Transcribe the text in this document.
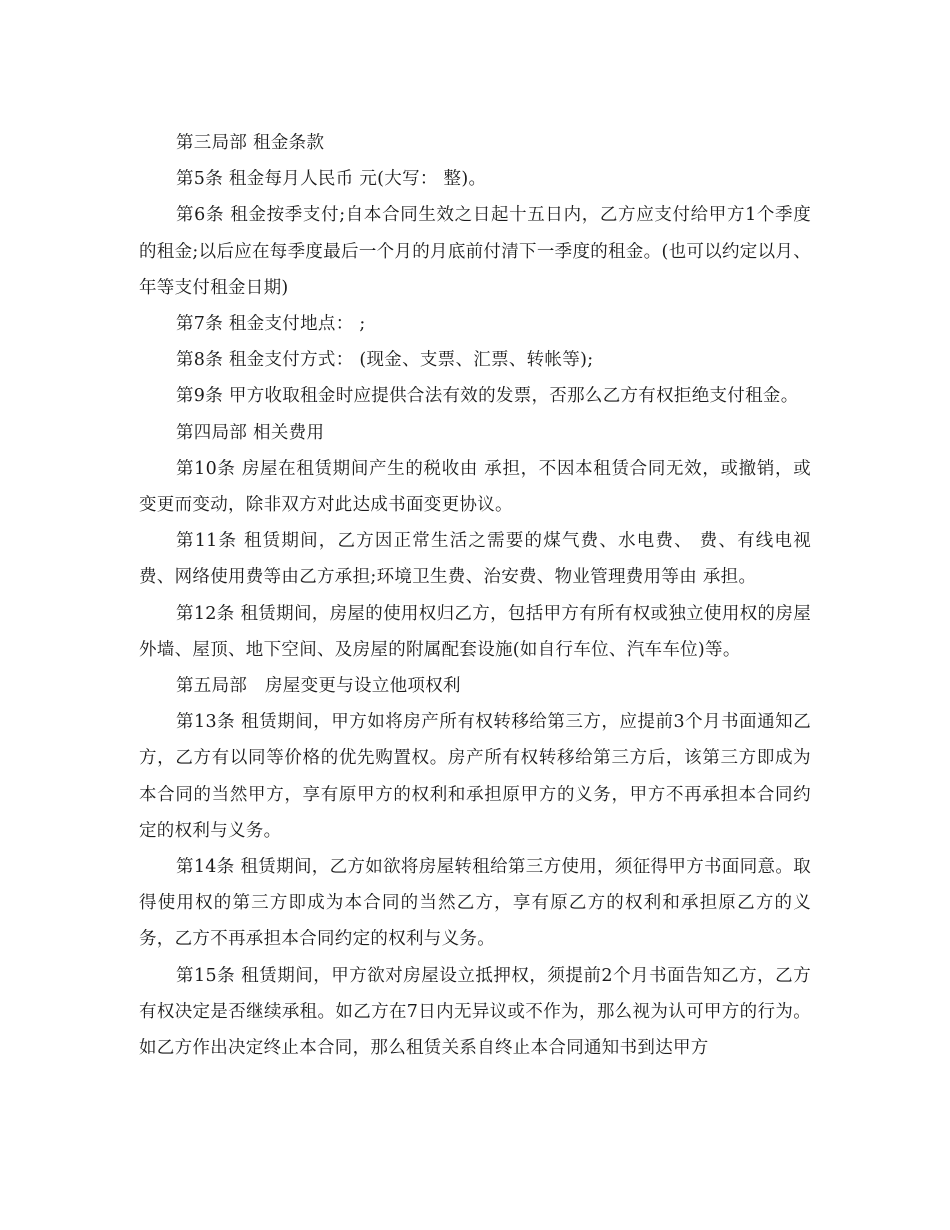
第三局部 租金条款

第5条 租金每月人民币 元(大写： 整)。

第6条 租金按季支付;自本合同生效之日起十五日内，乙方应支付给甲方1个季度的租金;以后应在每季度最后一个月的月底前付清下一季度的租金。(也可以约定以月、年等支付租金日期)

第7条 租金支付地点： ;

第8条 租金支付方式： (现金、支票、汇票、转帐等);

第9条 甲方收取租金时应提供合法有效的发票，否那么乙方有权拒绝支付租金。

第四局部 相关费用

第10条 房屋在租赁期间产生的税收由 承担，不因本租赁合同无效，或撤销，或变更而变动，除非双方对此达成书面变更协议。

第11条 租赁期间，乙方因正常生活之需要的煤气费、水电费、 费、有线电视费、网络使用费等由乙方承担;环境卫生费、治安费、物业管理费用等由 承担。

第12条 租赁期间，房屋的使用权归乙方，包括甲方有所有权或独立使用权的房屋外墙、屋顶、地下空间、及房屋的附属配套设施(如自行车位、汽车车位)等。

第五局部　房屋变更与设立他项权利

第13条 租赁期间，甲方如将房产所有权转移给第三方，应提前3个月书面通知乙方，乙方有以同等价格的优先购置权。房产所有权转移给第三方后，该第三方即成为本合同的当然甲方，享有原甲方的权利和承担原甲方的义务，甲方不再承担本合同约定的权利与义务。

第14条 租赁期间，乙方如欲将房屋转租给第三方使用，须征得甲方书面同意。取得使用权的第三方即成为本合同的当然乙方，享有原乙方的权利和承担原乙方的义务，乙方不再承担本合同约定的权利与义务。

第15条 租赁期间，甲方欲对房屋设立抵押权，须提前2个月书面告知乙方，乙方有权决定是否继续承租。如乙方在7日内无异议或不作为，那么视为认可甲方的行为。如乙方作出决定终止本合同，那么租赁关系自终止本合同通知书到达甲方
